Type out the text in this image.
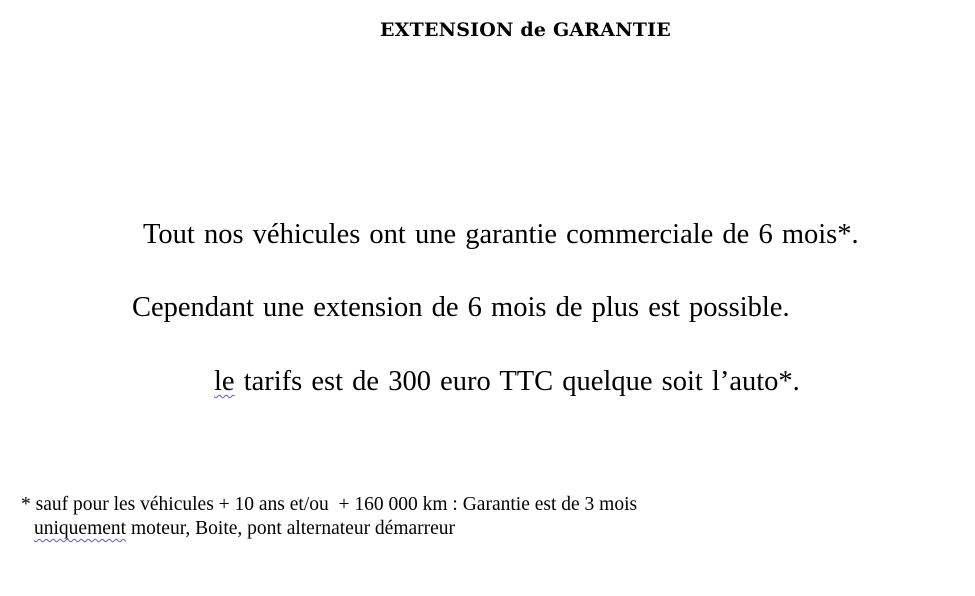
EXTENSION de GARANTIE
Tout nos véhicules ont une garantie commerciale de 6 mois*.
Cependant une extension de 6 mois de plus est possible.
le tarifs est de 300 euro TTC quelque soit l’auto*.
* sauf pour les véhicules + 10 ans et/ou  + 160 000 km : Garantie est de 3 mois
uniquement moteur, Boite, pont alternateur démarreur
